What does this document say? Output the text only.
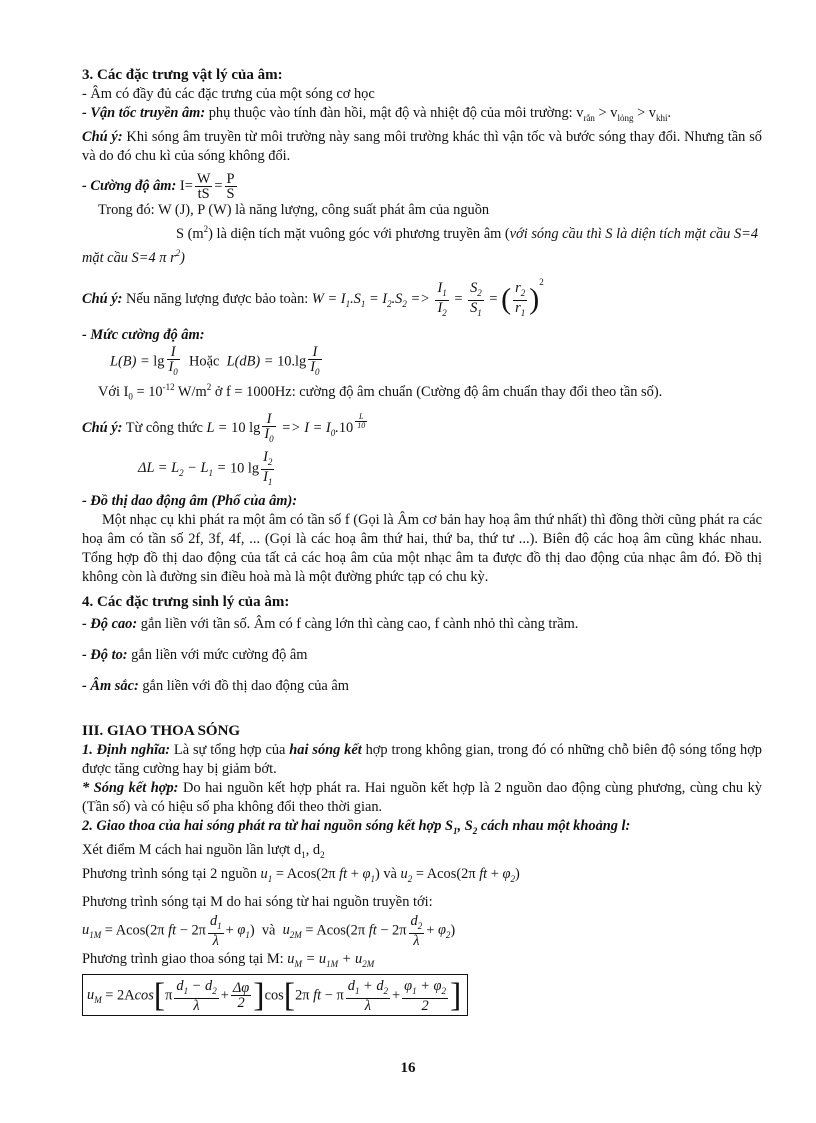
3. Các đặc trưng vật lý của âm:
- Âm có đầy đủ các đặc trưng của một sóng cơ học
- Vận tốc truyền âm: phụ thuộc vào tính đàn hồi, mật độ và nhiệt độ của môi trường: $v_{rắn} > v_{lỏng} > v_{khí}$.
Chú ý: Khi sóng âm truyền từ môi trường này sang môi trường khác thì vận tốc và bước sóng thay đổi. Nhưng tần số và do đó chu kì của sóng không đổi.
- Cường độ âm: $I= \frac{W}{tS} = \frac{P}{S}$
Trong đó: W (J), P (W) là năng lượng, công suất phát âm của nguồn
S $(m^2)$ là diện tích mặt vuông góc với phương truyền âm (với sóng cầu thì S là diện tích mặt cầu S=4
mặt cầu S=4 π $r^2$)
Chú ý: Nếu năng lượng được bảo toàn: $W = I_1.S_1 = I_2.S_2 => \frac{I_1}{I_2} = \frac{S_2}{S_1}$ = ( $\frac{r_2}{r_1} )^2$
- Mức cường độ âm:
$L(B) = \lg \frac{I}{I_0}$ Hoặc $L(dB) = 10.\lg \frac{I}{I_0}$
Với $I_0 = 10^{-12}$ $W/m^2$ ở f = 1000Hz: cường độ âm chuẩn (Cường độ âm chuẩn thay đổi theo tần số).
Chú ý: Từ công thức L = 10 $\lg \frac{I}{I_0} => I = I_0.10$ $^{\frac{L}{10}}$
$\Delta L = L_2 - L_1 = 10$ $\lg \frac{I_2}{I_1}$
- Đồ thị dao động âm (Phổ của âm):
Một nhạc cụ khi phát ra một âm có tần số f (Gọi là Âm cơ bản hay hoạ âm thứ nhất) thì đồng thời cũng phát ra các hoạ âm có tần số 2f, 3f, 4f, ... (Gọi là các hoạ âm thứ hai, thứ ba, thứ tư ...). Biên độ các hoạ âm cũng khác nhau. Tổng hợp đồ thị dao động của tất cả các hoạ âm của một nhạc âm ta được đồ thị dao động của nhạc âm đó. Đồ thị không còn là đường sin điều hoà mà là một đường phức tạp có chu kỳ.
4. Các đặc trưng sinh lý của âm:
- Độ cao: gắn liền với tần số. Âm có f càng lớn thì càng cao, f cành nhỏ thì càng trầm.
- Độ to: gắn liền với mức cường độ âm
- Âm sắc: gắn liền với đồ thị dao động của âm
III. GIAO THOA SÓNG
1. Định nghĩa: Là sự tổng hợp của hai sóng kết hợp trong không gian, trong đó có những chỗ biên độ sóng tổng hợp được tăng cường hay bị giảm bớt.
* Sóng kết hợp: Do hai nguồn kết hợp phát ra. Hai nguồn kết hợp là 2 nguồn dao động cùng phương, cùng chu kỳ (Tần số) và có hiệu số pha không đổi theo thời gian.
2. Giao thoa của hai sóng phát ra từ hai nguồn sóng kết hợp $S_1$, $S_2$ cách nhau một khoảng l:
Xét điểm M cách hai nguồn lần lượt $d_1$, $d_2$
Phương trình sóng tại 2 nguồn $u_1 = Acos(2\pi$ ft + $\varphi_1$) và $u_2 = Acos(2\pi$ ft + $\varphi_2$)
Phương trình sóng tại M do hai sóng từ hai nguồn truyền tới:
$u_{1M} = Acos(2\pi$ ft − $2\pi \frac{d_1}{\lambda} + \varphi_1$)  và  $u_{2M} = Acos(2\pi$ ft − $2\pi \frac{d_2}{\lambda} + \varphi_2$)
Phương trình giao thoa sóng tại M: $u_M = u_{1M} + u_{2M}$
$u_M = 2Acos[\pi \frac{d_1 - d_2}{\lambda} + \frac{\Delta\varphi}{2} ]\cos[2\pi$ ft − π $\frac{d_1 + d_2}{\lambda} + \frac{\varphi_1 + \varphi_2}{2}$ ]
16
